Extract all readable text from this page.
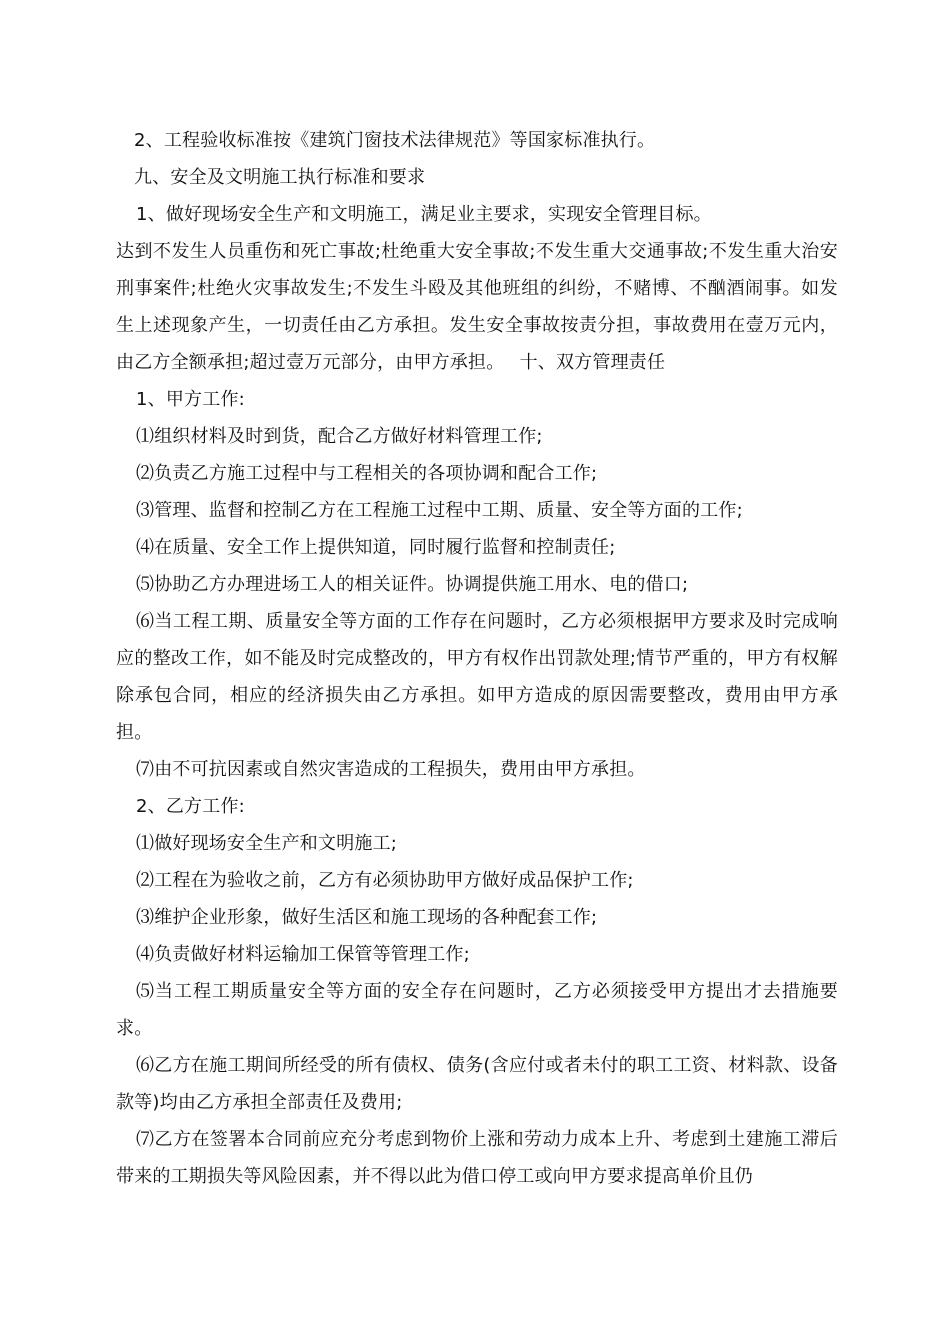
2、工程验收标准按《建筑门窗技术法律规范》等国家标准执行。

九、安全及文明施工执行标准和要求

1、做好现场安全生产和文明施工，满足业主要求，实现安全管理目标。

达到不发生人员重伤和死亡事故;杜绝重大安全事故;不发生重大交通事故;不发生重大治安刑事案件;杜绝火灾事故发生;不发生斗殴及其他班组的纠纷，不赌博、不酗酒闹事。如发生上述现象产生，一切责任由乙方承担。发生安全事故按责分担，事故费用在壹万元内，由乙方全额承担;超过壹万元部分，由甲方承担。　 十、双方管理责任

1、甲方工作:

⑴组织材料及时到货，配合乙方做好材料管理工作;

⑵负责乙方施工过程中与工程相关的各项协调和配合工作;

⑶管理、监督和控制乙方在工程施工过程中工期、质量、安全等方面的工作;

⑷在质量、安全工作上提供知道，同时履行监督和控制责任;

⑸协助乙方办理进场工人的相关证件。协调提供施工用水、电的借口;

⑹当工程工期、质量安全等方面的工作存在问题时，乙方必须根据甲方要求及时完成响应的整改工作，如不能及时完成整改的，甲方有权作出罚款处理;情节严重的，甲方有权解除承包合同，相应的经济损失由乙方承担。如甲方造成的原因需要整改，费用由甲方承担。

⑺由不可抗因素或自然灾害造成的工程损失，费用由甲方承担。

2、乙方工作:

⑴做好现场安全生产和文明施工;

⑵工程在为验收之前，乙方有必须协助甲方做好成品保护工作;

⑶维护企业形象，做好生活区和施工现场的各种配套工作;

⑷负责做好材料运输加工保管等管理工作;

⑸当工程工期质量安全等方面的安全存在问题时，乙方必须接受甲方提出才去措施要求。

⑹乙方在施工期间所经受的所有债权、债务(含应付或者未付的职工工资、材料款、设备款等)均由乙方承担全部责任及费用;

⑺乙方在签署本合同前应充分考虑到物价上涨和劳动力成本上升、考虑到土建施工滞后带来的工期损失等风险因素，并不得以此为借口停工或向甲方要求提高单价且仍
